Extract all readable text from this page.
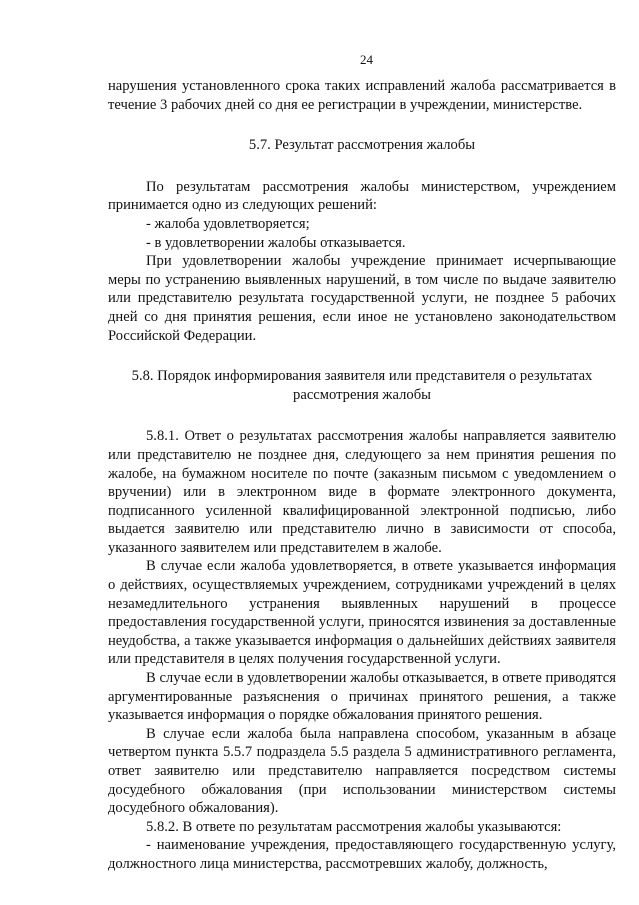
24

нарушения установленного срока таких исправлений жалоба рассматривается в течение 3 рабочих дней со дня ее регистрации в учреждении, министерстве.

5.7. Результат рассмотрения жалобы

По результатам рассмотрения жалобы министерством, учреждением принимается одно из следующих решений:

- жалоба удовлетворяется;

- в удовлетворении жалобы отказывается.

При удовлетворении жалобы учреждение принимает исчерпывающие меры по устранению выявленных нарушений, в том числе по выдаче заявителю или представителю результата государственной услуги, не позднее 5 рабочих дней со дня принятия решения, если иное не установлено законодательством Российской Федерации.

5.8. Порядок информирования заявителя или представителя о результатах
рассмотрения жалобы

5.8.1. Ответ о результатах рассмотрения жалобы направляется заявителю или представителю не позднее дня, следующего за нем принятия решения по жалобе, на бумажном носителе по почте (заказным письмом с уведомлением о вручении) или в электронном виде в формате электронного документа, подписанного усиленной квалифицированной электронной подписью, либо выдается заявителю или представителю лично в зависимости от способа, указанного заявителем или представителем в жалобе.

В случае если жалоба удовлетворяется, в ответе указывается информация о действиях, осуществляемых учреждением, сотрудниками учреждений в целях незамедлительного устранения выявленных нарушений в процессе предоставления государственной услуги, приносятся извинения за доставленные неудобства, а также указывается информация о дальнейших действиях заявителя или представителя в целях получения государственной услуги.

В случае если в удовлетворении жалобы отказывается, в ответе приводятся аргументированные разъяснения о причинах принятого решения, а также указывается информация о порядке обжалования принятого решения.

В случае если жалоба была направлена способом, указанным в абзаце четвертом пункта 5.5.7 подраздела 5.5 раздела 5 административного регламента, ответ заявителю или представителю направляется посредством системы досудебного обжалования (при использовании министерством системы досудебного обжалования).

5.8.2. В ответе по результатам рассмотрения жалобы указываются:

- наименование учреждения, предоставляющего государственную услугу, должностного лица министерства, рассмотревших жалобу, должность,
